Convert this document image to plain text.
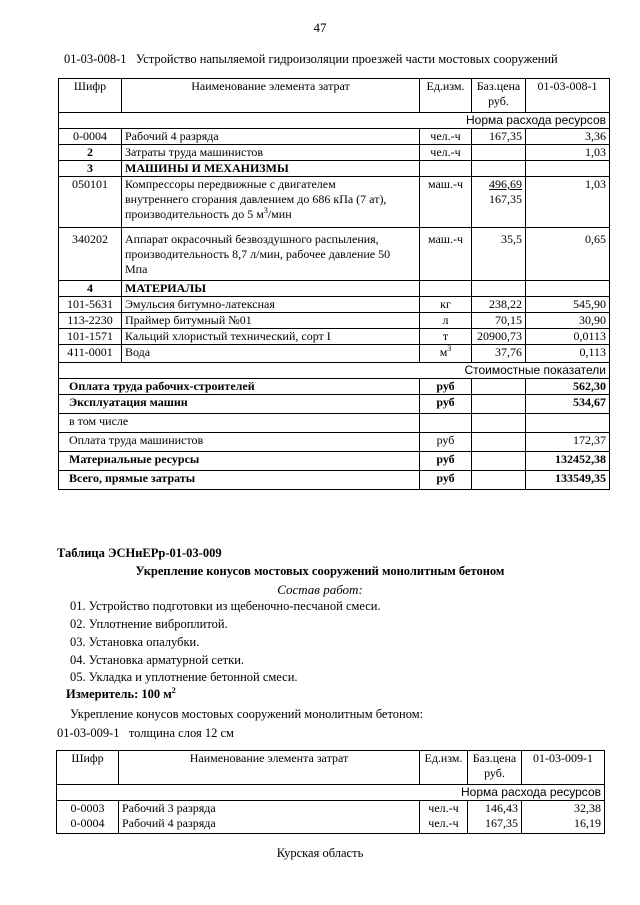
47
01-03-008-1 Устройство напыляемой гидроизоляции проезжей части мостовых сооружений
Шифр	Наименование элемента затрат	Ед.изм.	Баз.цена
руб.	01-03-008-1
Норма расхода ресурсов				
0-0004	Рабочий 4 разряда	чел.-ч	167,35	3,36
2	Затраты труда машинистов	чел.-ч		1,03
3	МАШИНЫ И МЕХАНИЗМЫ			
050101	Компрессоры передвижные с двигателем
внутреннего сгорания давлением до 686 кПа (7 ат),
производительность до 5 $м^3$/мин	маш.-ч	496,69
167,35	1,03
340202	Аппарат окрасочный безвоздушного распыления,
производительность 8,7 л/мин, рабочее давление 50
Мпа	маш.-ч	35,5	0,65
4	МАТЕРИАЛЫ			
101-5631	Эмульсия битумно-латексная	кг	238,22	545,90
113-2230	Праймер битумный №01	л	70,15	30,90
101-1571	Кальций хлористый технический, сорт I	т	20900,73	0,0113
411-0001	Вода	$м^3$	37,76	0,113
Стоимостные показатели				
Оплата труда рабочих-строителей		руб		562,30
Эксплуатация машин		руб		534,67
в том числе				
Оплата труда машинистов		руб		172,37
Материальные ресурсы		руб		132452,38
Всего, прямые затраты		руб		133549,35
Таблица ЭСНиЕРр-01-03-009
Укрепление конусов мостовых сооружений монолитным бетоном
Состав работ:
01. Устройство подготовки из щебеночно-песчаной смеси.
02. Уплотнение виброплитой.
03. Установка опалубки.
04. Установка арматурной сетки.
05. Укладка и уплотнение бетонной смеси.
Измеритель: 100 $м^2$
Укрепление конусов мостовых сооружений монолитным бетоном:
01-03-009-1 толщина слоя 12 см
Шифр	Наименование элемента затрат	Ед.изм.	Баз.цена
руб.	01-03-009-1
Норма расхода ресурсов				
0-0003	Рабочий 3 разряда	чел.-ч	146,43	32,38
0-0004	Рабочий 4 разряда	чел.-ч	167,35	16,19
Курская область
